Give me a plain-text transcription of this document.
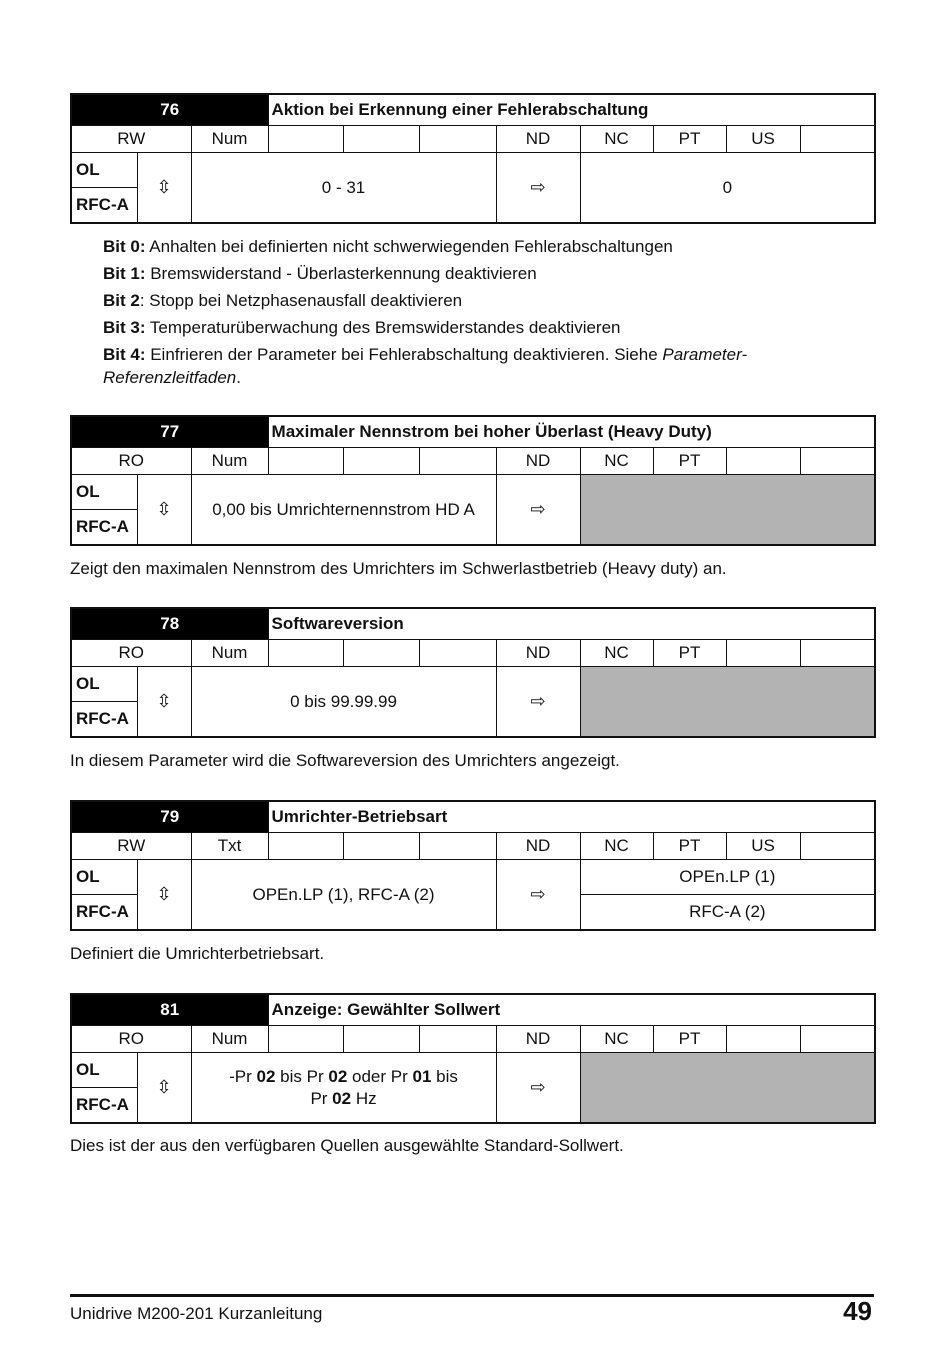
76			Aktion bei Erkennung einer Fehlerabschaltung							
RW		Num				ND	NC	PT	US	
OL	⇳	0 - 31				⇨	0			
RFC-A										
Bit 0: Anhalten bei definierten nicht schwerwiegenden Fehlerabschaltungen
Bit 1: Bremswiderstand - Überlasterkennung deaktivieren
Bit 2: Stopp bei Netzphasenausfall deaktivieren
Bit 3: Temperaturüberwachung des Bremswiderstandes deaktivieren
Bit 4: Einfrieren der Parameter bei Fehlerabschaltung deaktivieren. Siehe Parameter-Referenzleitfaden.
77			Maximaler Nennstrom bei hoher Überlast (Heavy Duty)							
RO		Num				ND	NC	PT		
OL	⇳	0,00 bis Umrichternennstrom HD A				⇨				
RFC-A										
Zeigt den maximalen Nennstrom des Umrichters im Schwerlastbetrieb (Heavy duty) an.
78			Softwareversion							
RO		Num				ND	NC	PT		
OL	⇳	0 bis 99.99.99				⇨				
RFC-A										
In diesem Parameter wird die Softwareversion des Umrichters angezeigt.
79			Umrichter-Betriebsart							
RW		Txt				ND	NC	PT	US	
OL	⇳	OPEn.LP (1), RFC-A (2)				⇨	OPEn.LP (1)			
RFC-A							RFC-A (2)			
Definiert die Umrichterbetriebsart.
81			Anzeige: Gewählter Sollwert							
RO		Num				ND	NC	PT		
OL	⇳	-Pr 02 bis Pr 02 oder Pr 01 bis
Pr 02 Hz				⇨				
RFC-A										
Dies ist der aus den verfügbaren Quellen ausgewählte Standard-Sollwert.
Unidrive M200-201 Kurzanleitung	49
